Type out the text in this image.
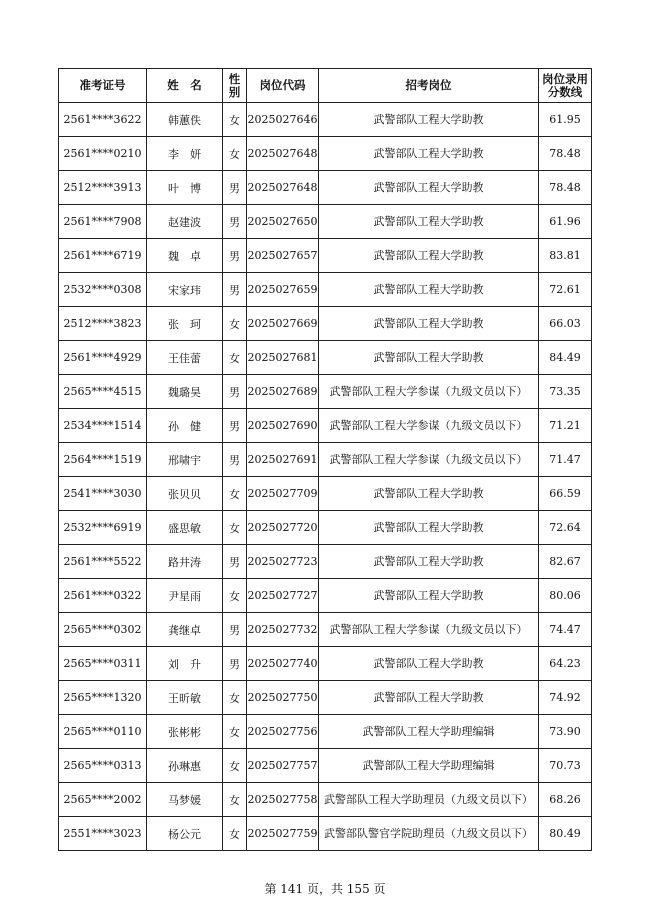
准考证号	姓　名	性别	岗位代码	招考岗位	岗位录用分数线
2561****3622	韩蕙佚	女	2025027646	武警部队工程大学助教	61.95
2561****0210	李　妍	女	2025027648	武警部队工程大学助教	78.48
2512****3913	叶　博	男	2025027648	武警部队工程大学助教	78.48
2561****7908	赵建波	男	2025027650	武警部队工程大学助教	61.96
2561****6719	魏　卓	男	2025027657	武警部队工程大学助教	83.81
2532****0308	宋家玮	男	2025027659	武警部队工程大学助教	72.61
2512****3823	张　珂	女	2025027669	武警部队工程大学助教	66.03
2561****4929	王佳蕾	女	2025027681	武警部队工程大学助教	84.49
2565****4515	魏璐昊	男	2025027689	武警部队工程大学参谋（九级文员以下）	73.35
2534****1514	孙　健	男	2025027690	武警部队工程大学参谋（九级文员以下）	71.21
2564****1519	邢啸宇	男	2025027691	武警部队工程大学参谋（九级文员以下）	71.47
2541****3030	张贝贝	女	2025027709	武警部队工程大学助教	66.59
2532****6919	盛思敏	女	2025027720	武警部队工程大学助教	72.64
2561****5522	路井涛	男	2025027723	武警部队工程大学助教	82.67
2561****0322	尹星雨	女	2025027727	武警部队工程大学助教	80.06
2565****0302	龚继卓	男	2025027732	武警部队工程大学参谋（九级文员以下）	74.47
2565****0311	刘　升	男	2025027740	武警部队工程大学助教	64.23
2565****1320	王昕敏	女	2025027750	武警部队工程大学助教	74.92
2565****0110	张彬彬	女	2025027756	武警部队工程大学助理编辑	73.90
2565****0313	孙琳惠	女	2025027757	武警部队工程大学助理编辑	70.73
2565****2002	马梦媛	女	2025027758	武警部队工程大学助理员（九级文员以下）	68.26
2551****3023	杨公元	女	2025027759	武警部队警官学院助理员（九级文员以下）	80.49
第 141 页，共 155 页
